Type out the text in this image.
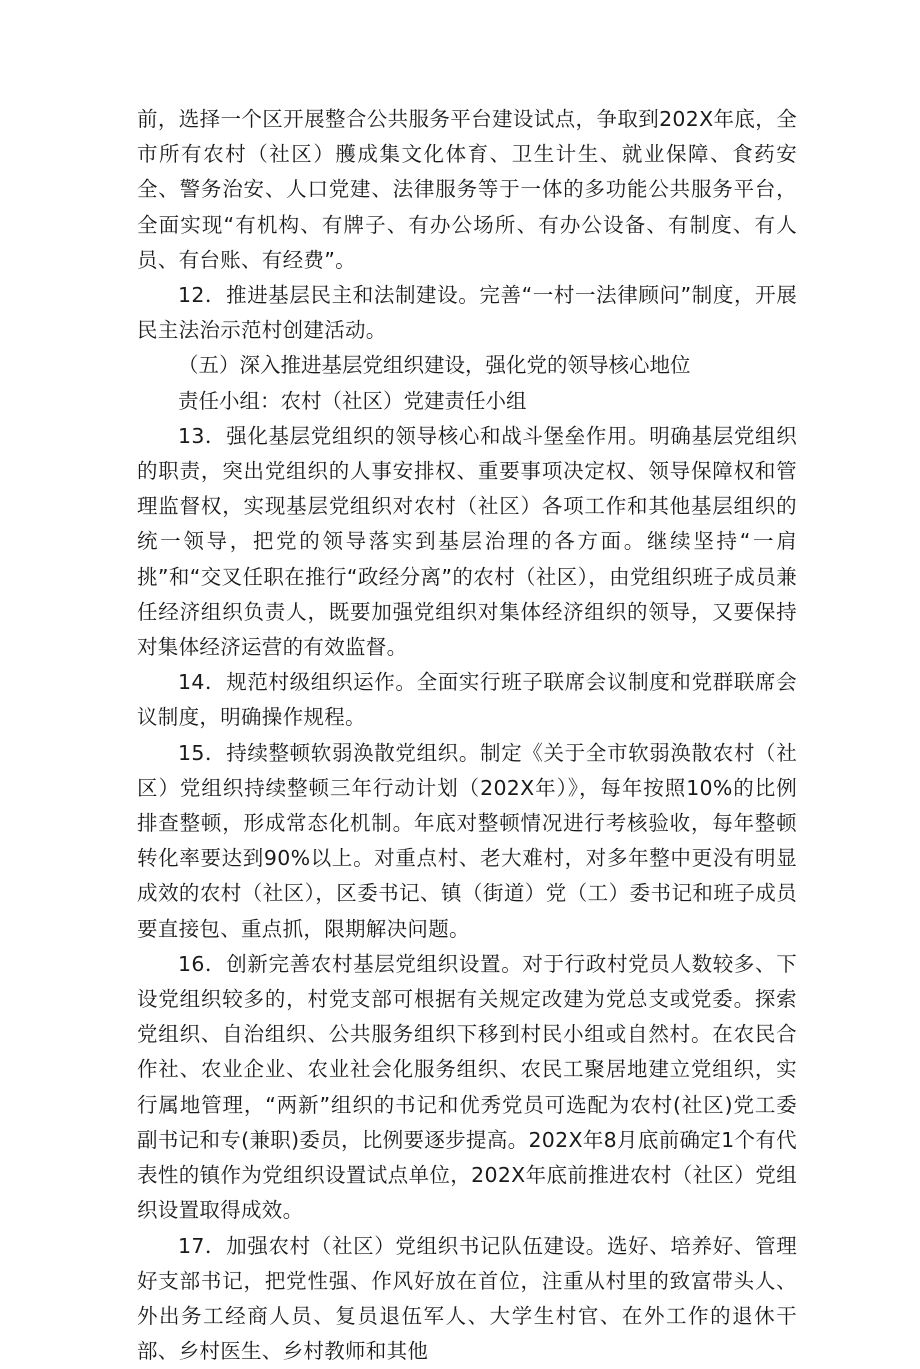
前，选择一个区开展整合公共服务平台建设试点，争取到202X年底，全市所有农村（社区）雘成集文化体育、卫生计生、就业保障、食药安全、警务治安、人口党建、法律服务等于一体的多功能公共服务平台，全面实现“有机构、有牌子、有办公场所、有办公设备、有制度、有人员、有台账、有经费”。

12．推进基层民主和法制建设。完善“一村一法律顾问”制度，开展民主法治示范村创建活动。

（五）深入推进基层党组织建设，强化党的领导核心地位

责任小组：农村（社区）党建责任小组

13．强化基层党组织的领导核心和战斗堡垒作用。明确基层党组织的职责，突出党组织的人事安排权、重要事项决定权、领导保障权和管理监督权，实现基层党组织对农村（社区）各项工作和其他基层组织的统一领导，把党的领导落实到基层治理的各方面。继续坚持“一肩挑”和“交叉任职在推行“政经分离”的农村（社区），由党组织班子成员兼任经济组织负责人，既要加强党组织对集体经济组织的领导，又要保持对集体经济运营的有效监督。

14．规范村级组织运作。全面实行班子联席会议制度和党群联席会议制度，明确操作规程。

15．持续整顿软弱涣散党组织。制定《关于全市软弱涣散农村（社区）党组织持续整顿三年行动计划（202X年）》，每年按照10%的比例排查整顿，形成常态化机制。年底对整顿情况进行考核验收，每年整顿转化率要达到90%以上。对重点村、老大难村，对多年整中更没有明显成效的农村（社区），区委书记、镇（街道）党（工）委书记和班子成员要直接包、重点抓，限期解决问题。

16．创新完善农村基层党组织设置。对于行政村党员人数较多、下设党组织较多的，村党支部可根据有关规定改建为党总支或党委。探索党组织、自治组织、公共服务组织下移到村民小组或自然村。在农民合作社、农业企业、农业社会化服务组织、农民工聚居地建立党组织，实行属地管理，“两新”组织的书记和优秀党员可选配为农村(社区)党工委副书记和专(兼职)委员，比例要逐步提高。202X年8月底前确定1个有代表性的镇作为党组织设置试点单位，202X年底前推进农村（社区）党组织设置取得成效。

17．加强农村（社区）党组织书记队伍建设。选好、培养好、管理好支部书记，把党性强、作风好放在首位，注重从村里的致富带头人、外出务工经商人员、复员退伍军人、大学生村官、在外工作的退休干部、乡村医生、乡村教师和其他
